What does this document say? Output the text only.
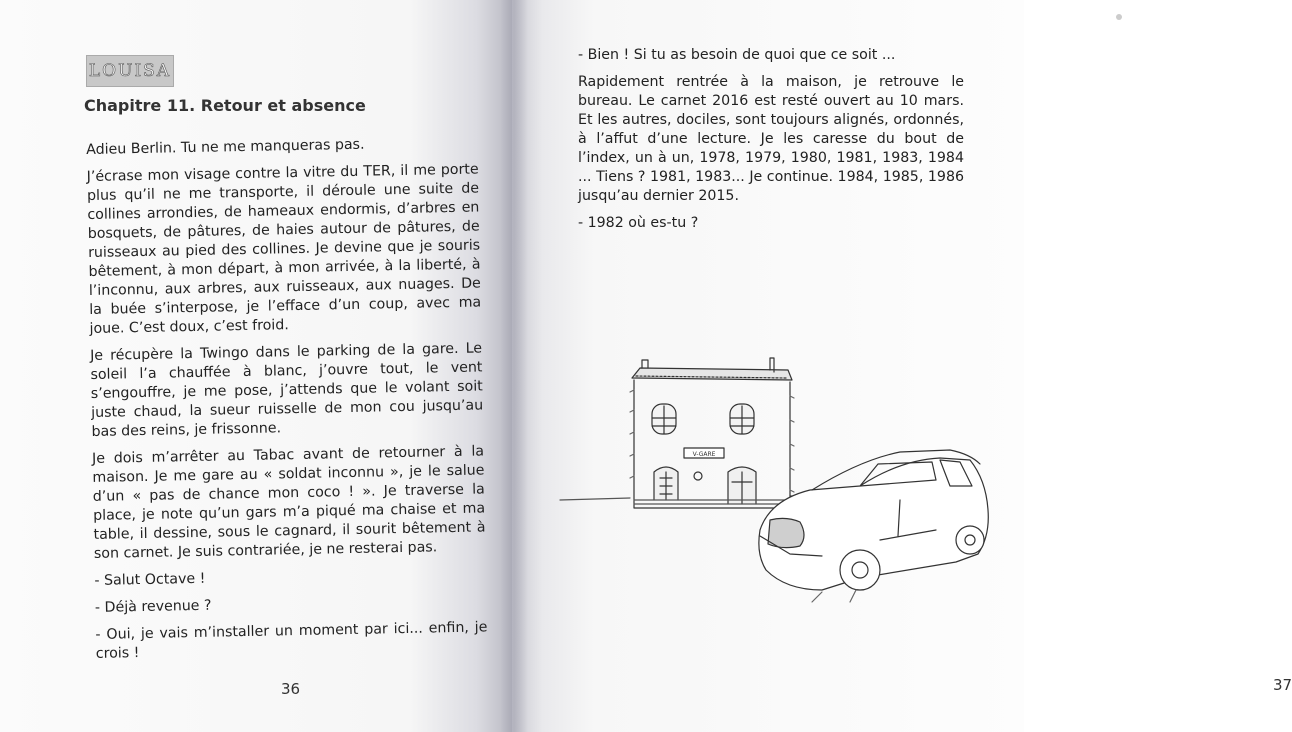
LOUISA
Chapitre 11. Retour et absence

Adieu Berlin. Tu ne me manqueras pas.

J’écrase mon visage contre la vitre du TER, il me porte plus qu’il ne me transporte, il déroule une suite de collines arrondies, de hameaux endormis, d’arbres en bosquets, de pâtures, de haies autour de pâtures, de ruisseaux au pied des collines. Je devine que je souris bêtement, à mon départ, à mon arrivée, à la liberté, à l’inconnu, aux arbres, aux ruisseaux, aux nuages. De la buée s’interpose, je l’efface d’un coup, avec ma joue. C’est doux, c’est froid.

Je récupère la Twingo dans le parking de la gare. Le soleil l’a chauffée à blanc, j’ouvre tout, le vent s’engouffre, je me pose, j’attends que le volant soit juste chaud, la sueur ruisselle de mon cou jusqu’au bas des reins, je frissonne.

Je dois m’arrêter au Tabac avant de retourner à la maison. Je me gare au « soldat inconnu », je le salue d’un « pas de chance mon coco ! ». Je traverse la place, je note qu’un gars m’a piqué ma chaise et ma table, il dessine, sous le cagnard, il sourit bêtement à son carnet. Je suis contrariée, je ne resterai pas.

- Salut Octave !

- Déjà revenue ?

- Oui, je vais m’installer un moment par ici... enfin, je crois !

36	37

- Bien ! Si tu as besoin de quoi que ce soit ...

Rapidement rentrée à la maison, je retrouve le bureau. Le carnet 2016 est resté ouvert au 10 mars. Et les autres, dociles, sont toujours alignés, ordonnés, à l’affut d’une lecture. Je les caresse du bout de l’index, un à un, 1978, 1979, 1980, 1981, 1983, 1984 ... Tiens ? 1981, 1983... Je continue. 1984, 1985, 1986 jusqu’au dernier 2015.

- 1982 où es-tu ?

V-GARE
